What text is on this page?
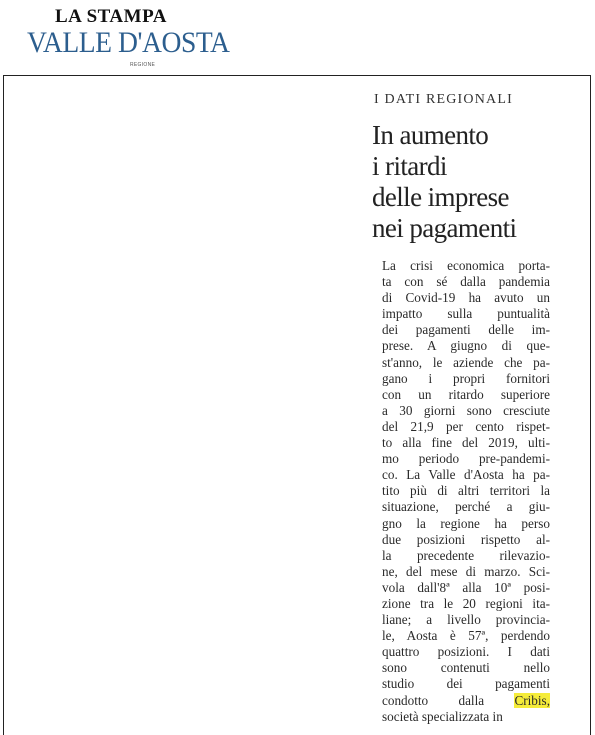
LA STAMPA
VALLE D'AOSTA
REGIONE
I DATI REGIONALI
In aumento
i ritardi
delle imprese
nei pagamenti
La crisi economica porta-
ta con sé dalla pandemia
di Covid-19 ha avuto un
impatto sulla puntualità
dei pagamenti delle im-
prese. A giugno di que-
st'anno, le aziende che pa-
gano i propri fornitori
con un ritardo superiore
a 30 giorni sono cresciute
del 21,9 per cento rispet-
to alla fine del 2019, ulti-
mo periodo pre-pandemi-
co. La Valle d'Aosta ha pa-
tito più di altri territori la
situazione, perché a giu-
gno la regione ha perso
due posizioni rispetto al-
la precedente rilevazio-
ne, del mese di marzo. Sci-
vola dall'8ª alla 10ª posi-
zione tra le 20 regioni ita-
liane; a livello provincia-
le, Aosta è 57ª, perdendo
quattro posizioni. I dati
sono contenuti nello
studio dei pagamenti
condotto dalla Cribis,
società specializzata in
